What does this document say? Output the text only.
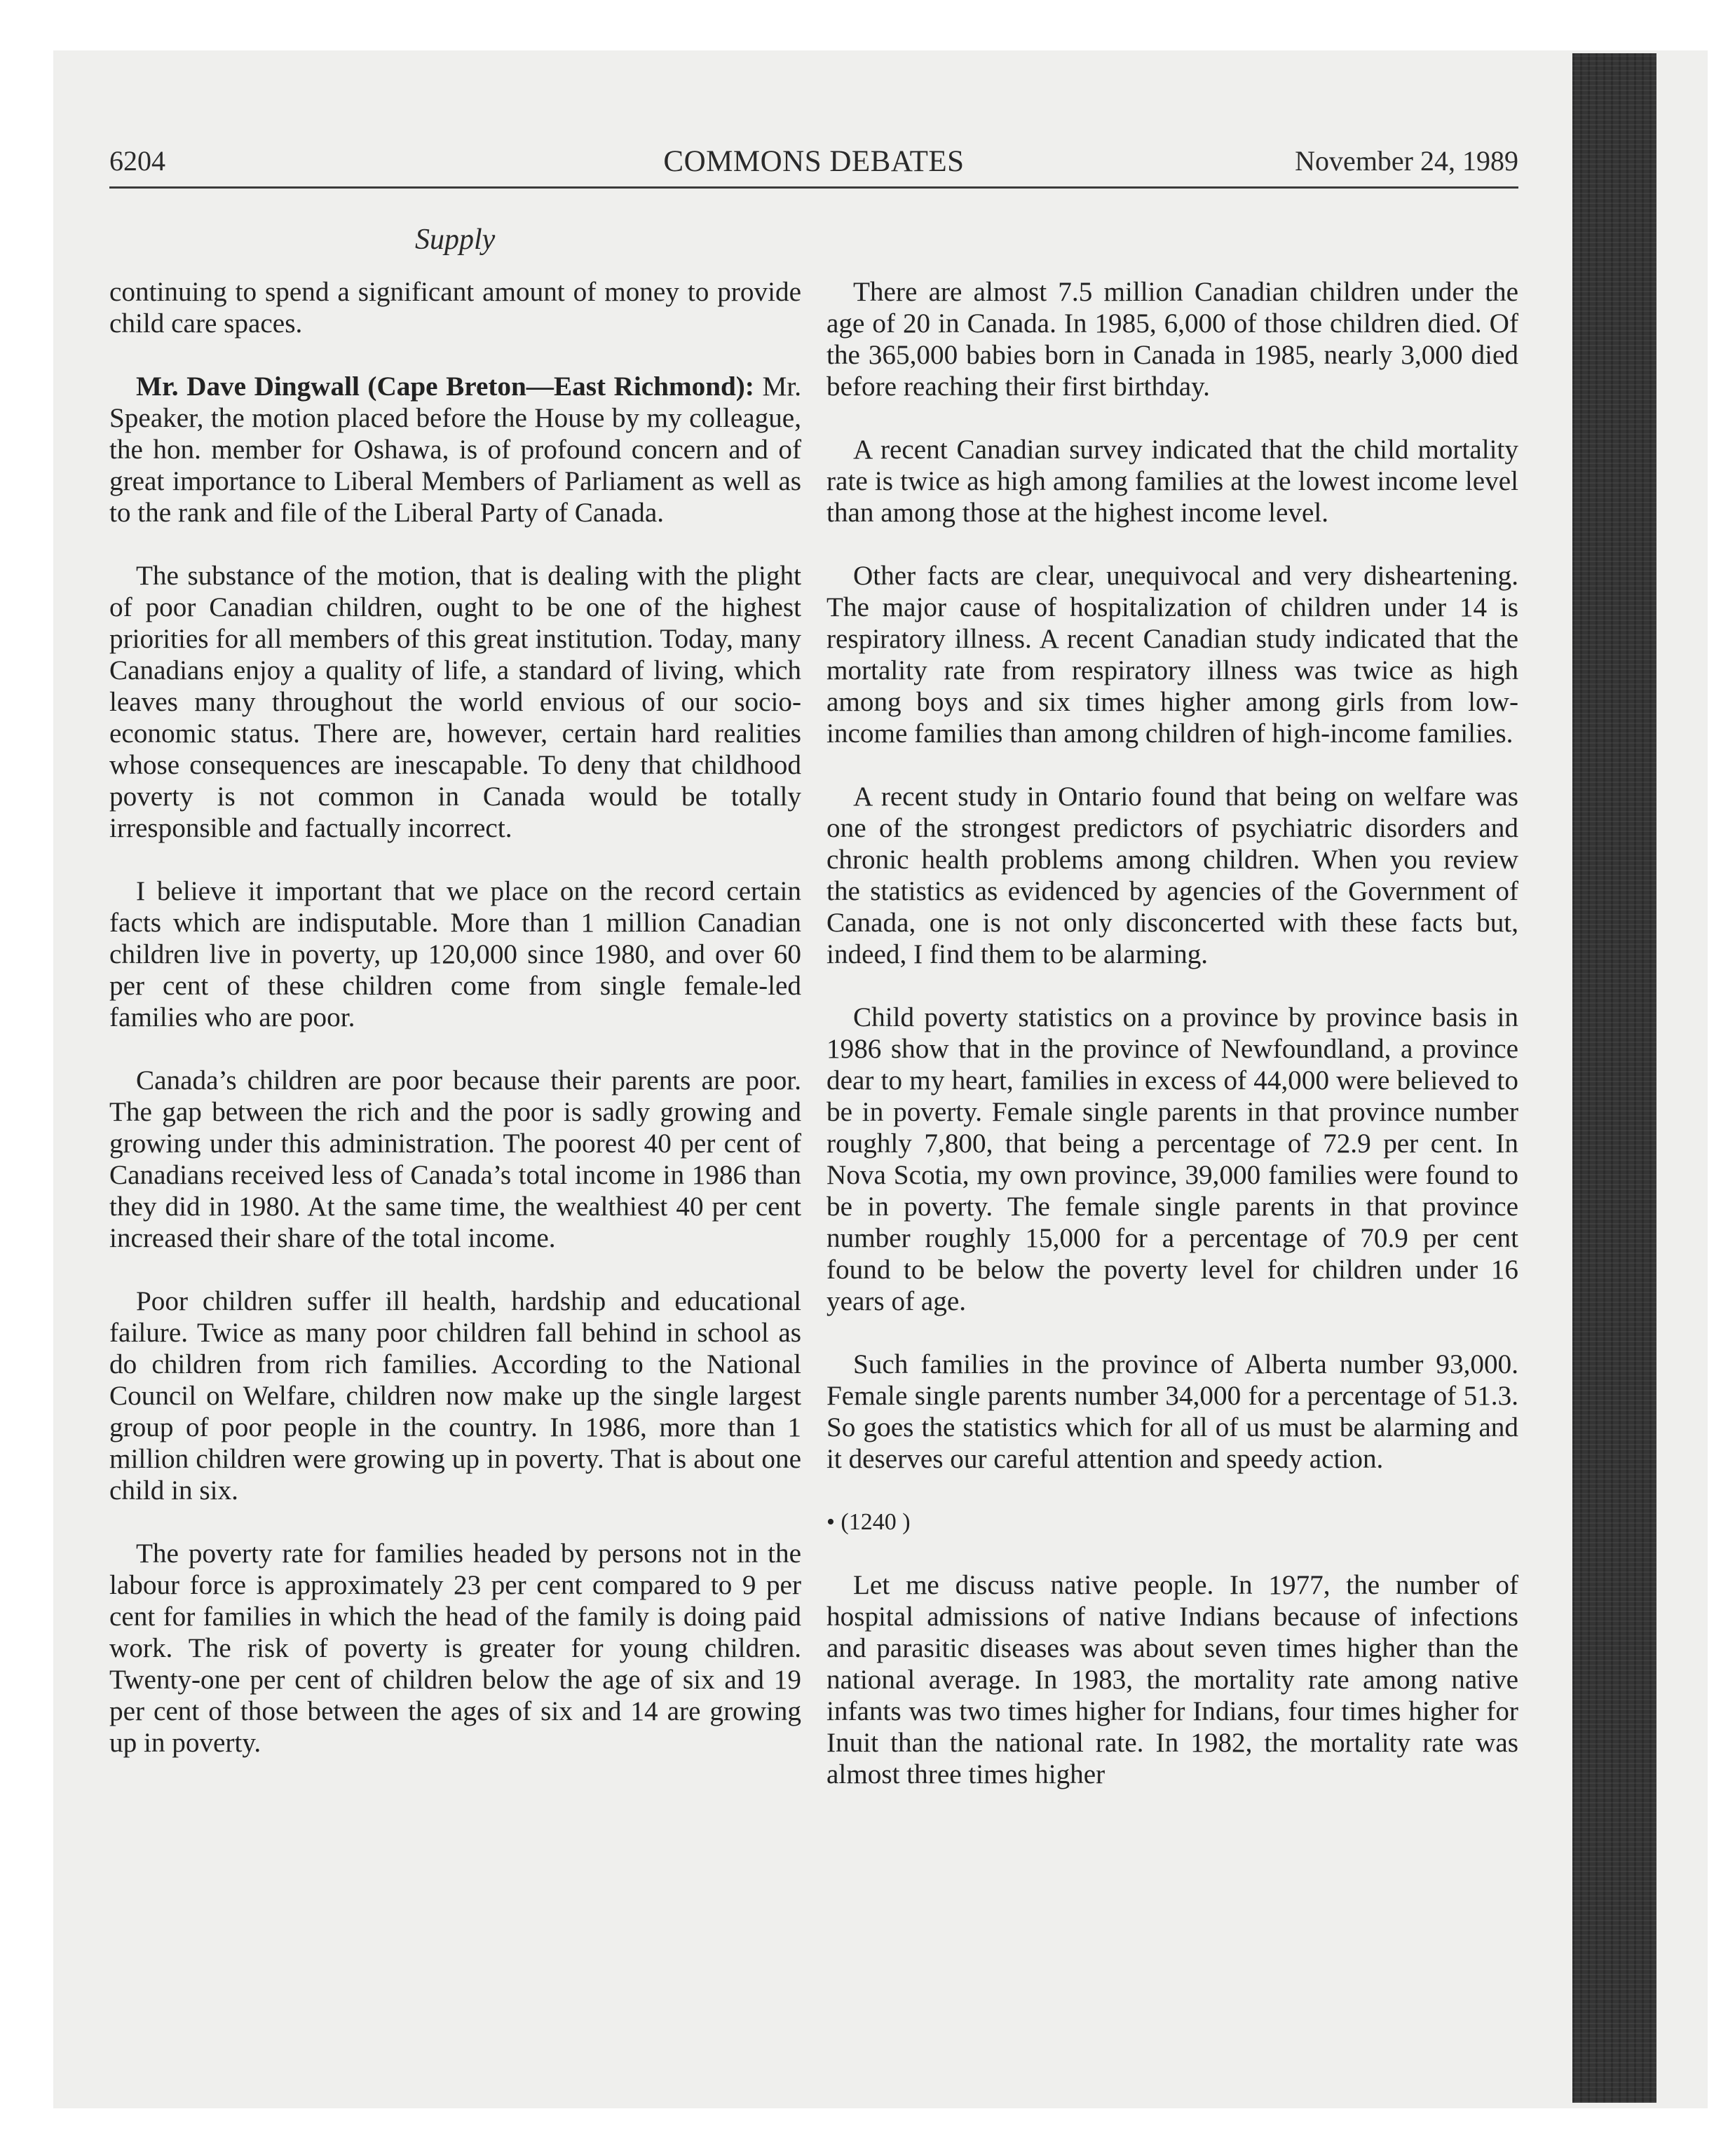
6204	COMMONS DEBATES	November 24, 1989
Supply

continuing to spend a significant amount of money to provide child care spaces.

Mr. Dave Dingwall (Cape Breton—East Richmond): Mr. Speaker, the motion placed before the House by my colleague, the hon. member for Oshawa, is of profound concern and of great importance to Liberal Members of Parliament as well as to the rank and file of the Liberal Party of Canada.

The substance of the motion, that is dealing with the plight of poor Canadian children, ought to be one of the highest priorities for all members of this great institution. Today, many Canadians enjoy a quality of life, a standard of living, which leaves many throughout the world envious of our socio-economic status. There are, however, certain hard realities whose consequences are inescapable. To deny that childhood poverty is not common in Canada would be totally irresponsible and factually incorrect.

I believe it important that we place on the record certain facts which are indisputable. More than 1 million Canadian children live in poverty, up 120,000 since 1980, and over 60 per cent of these children come from single female-led families who are poor.

Canada’s children are poor because their parents are poor. The gap between the rich and the poor is sadly growing and growing under this administration. The poorest 40 per cent of Canadians received less of Canada’s total income in 1986 than they did in 1980. At the same time, the wealthiest 40 per cent increased their share of the total income.

Poor children suffer ill health, hardship and educational failure. Twice as many poor children fall behind in school as do children from rich families. According to the National Council on Welfare, children now make up the single largest group of poor people in the country. In 1986, more than 1 million children were growing up in poverty. That is about one child in six.

The poverty rate for families headed by persons not in the labour force is approximately 23 per cent compared to 9 per cent for families in which the head of the family is doing paid work. The risk of poverty is greater for young children. Twenty-one per cent of children below the age of six and 19 per cent of those between the ages of six and 14 are growing up in poverty.

There are almost 7.5 million Canadian children under the age of 20 in Canada. In 1985, 6,000 of those children died. Of the 365,000 babies born in Canada in 1985, nearly 3,000 died before reaching their first birthday.

A recent Canadian survey indicated that the child mortality rate is twice as high among families at the lowest income level than among those at the highest income level.

Other facts are clear, unequivocal and very disheartening. The major cause of hospitalization of children under 14 is respiratory illness. A recent Canadian study indicated that the mortality rate from respiratory illness was twice as high among boys and six times higher among girls from low-income families than among children of high-income families.

A recent study in Ontario found that being on welfare was one of the strongest predictors of psychiatric disorders and chronic health problems among children. When you review the statistics as evidenced by agencies of the Government of Canada, one is not only disconcerted with these facts but, indeed, I find them to be alarming.

Child poverty statistics on a province by province basis in 1986 show that in the province of Newfoundland, a province dear to my heart, families in excess of 44,000 were believed to be in poverty. Female single parents in that province number roughly 7,800, that being a percentage of 72.9 per cent. In Nova Scotia, my own province, 39,000 families were found to be in poverty. The female single parents in that province number roughly 15,000 for a percentage of 70.9 per cent found to be below the poverty level for children under 16 years of age.

Such families in the province of Alberta number 93,000. Female single parents number 34,000 for a percentage of 51.3. So goes the statistics which for all of us must be alarming and it deserves our careful attention and speedy action.

• (1240 )

Let me discuss native people. In 1977, the number of hospital admissions of native Indians because of infections and parasitic diseases was about seven times higher than the national average. In 1983, the mortality rate among native infants was two times higher for Indians, four times higher for Inuit than the national rate. In 1982, the mortality rate was almost three times higher
